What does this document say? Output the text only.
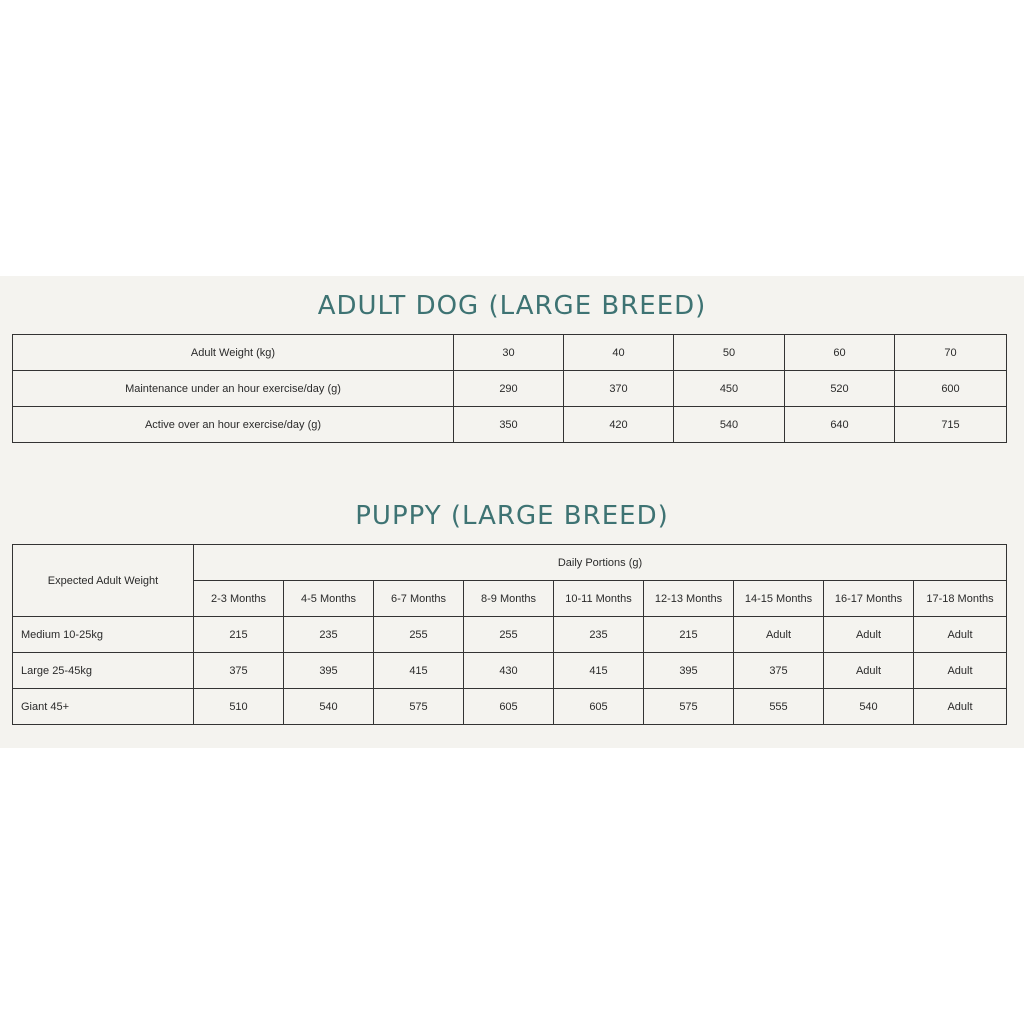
ADULT DOG (LARGE BREED)
Adult Weight (kg)	30	40	50	60	70
Maintenance under an hour exercise/day (g)	290	370	450	520	600
Active over an hour exercise/day (g)	350	420	540	640	715
PUPPY (LARGE BREED)
Expected Adult Weight	Daily Portions (g)								
	2-3 Months	4-5 Months	6-7 Months	8-9 Months	10-11 Months	12-13 Months	14-15 Months	16-17 Months	17-18 Months
Medium 10-25kg	215	235	255	255	235	215	Adult	Adult	Adult
Large 25-45kg	375	395	415	430	415	395	375	Adult	Adult
Giant 45+	510	540	575	605	605	575	555	540	Adult
